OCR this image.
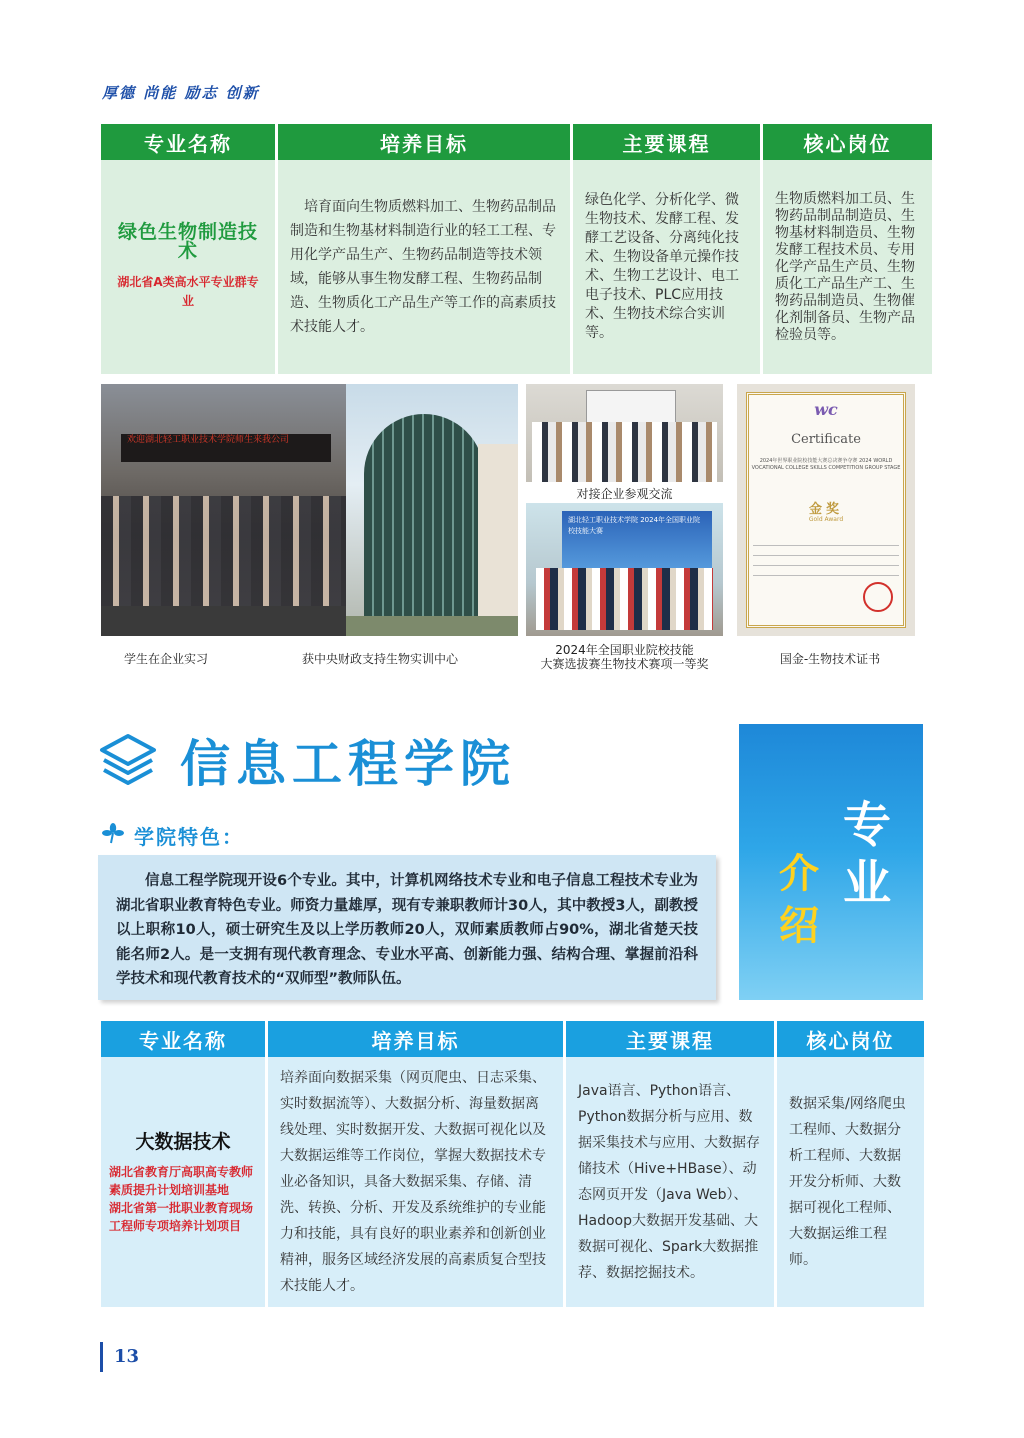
厚德 尚能 励志 创新
专业名称	培养目标	主要课程	核心岗位

绿色生物制造技术
湖北省A类高水平专业群专业	培育面向生物质燃料加工、生物药品制品制造和生物基材料制造行业的轻工工程、专用化学产品生产、生物药品制造等技术领域，能够从事生物发酵工程、生物药品制造、生物质化工产品生产等工作的高素质技术技能人才。	绿色化学、分析化学、微生物技术、发酵工程、发酵工艺设备、分离纯化技术、生物设备单元操作技术、生物工艺设计、电工电子技术、PLC应用技术、生物技术综合实训等。	生物质燃料加工员、生物药品制品制造员、生物基材料制造员、生物发酵工程技术员、专用化学产品生产员、生物质化工产品生产工、生物药品制造员、生物催化剂制备员、生物产品检验员等。
欢迎湖北轻工职业技术学院师生来我公司
湖北轻工职业技术学院 2024年全国职业院校技能大赛
wc
Certificate
2024年世界职业院校技能大赛总决赛争夺赛 2024 WORLD VOCATIONAL COLLEGE SKILLS COMPETITION GROUP STAGE
金奖
Gold Award
学生在企业实习	获中央财政支持生物实训中心
对接企业参观交流
2024年全国职业院校技能
大赛选拔赛生物技术赛项一等奖	国金-生物技术证书
信息工程学院
学院特色：
信息工程学院现开设6个专业。其中，计算机网络技术专业和电子信息工程技术专业为湖北省职业教育特色专业。师资力量雄厚，现有专兼职教师计30人，其中教授3人，副教授以上职称10人，硕士研究生及以上学历教师20人，双师素质教师占90%，湖北省楚天技能名师2人。是一支拥有现代教育理念、专业水平高、创新能力强、结构合理、掌握前沿科学技术和现代教育技术的“双师型”教师队伍。
专
业
介
绍
专业名称	培养目标	主要课程	核心岗位

大数据技术
湖北省教育厅高职高专教师素质提升计划培训基地
湖北省第一批职业教育现场工程师专项培养计划项目	培养面向数据采集（网页爬虫、日志采集、实时数据流等）、大数据分析、海量数据离线处理、实时数据开发、大数据可视化以及大数据运维等工作岗位，掌握大数据技术专业必备知识，具备大数据采集、存储、清洗、转换、分析、开发及系统维护的专业能力和技能，具有良好的职业素养和创新创业精神，服务区域经济发展的高素质复合型技术技能人才。	Java语言、Python语言、Python数据分析与应用、数据采集技术与应用、大数据存储技术（Hive+HBase）、动态网页开发（Java Web）、Hadoop大数据开发基础、大数据可视化、Spark大数据推荐、数据挖掘技术。	数据采集/网络爬虫工程师、大数据分析工程师、大数据开发分析师、大数据可视化工程师、大数据运维工程师。
13
